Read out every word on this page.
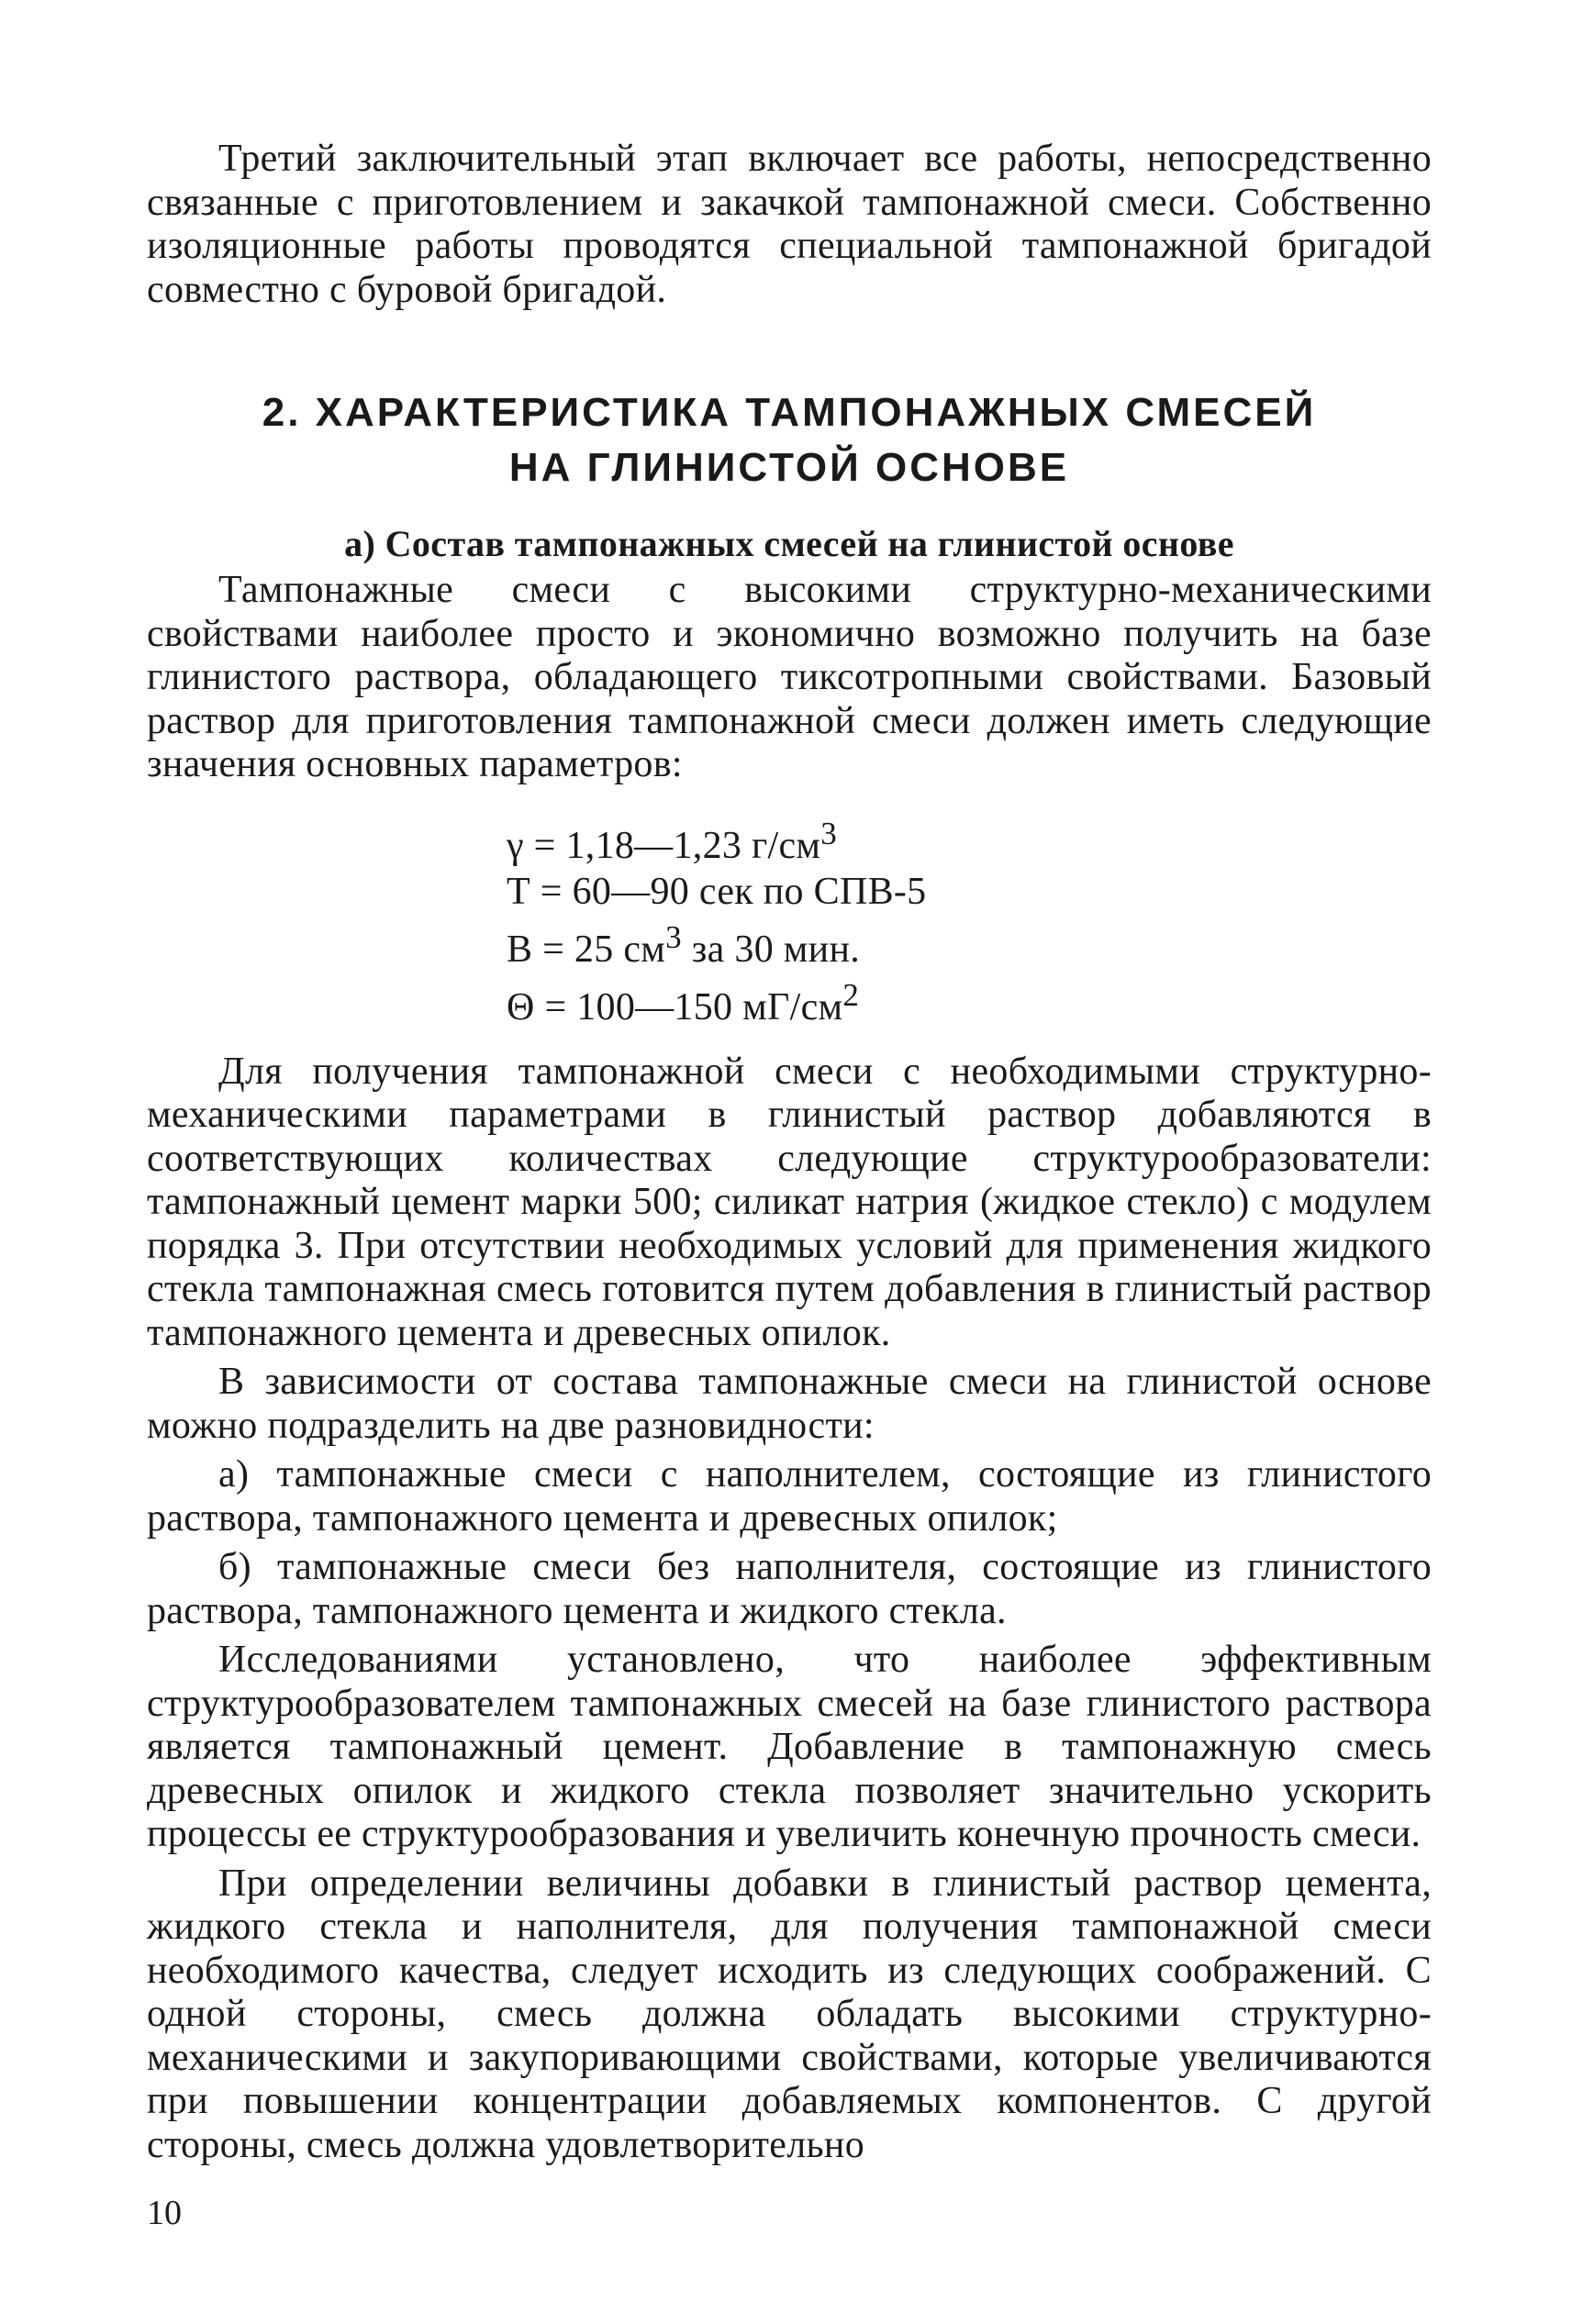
Третий заключительный этап включает все работы, непосредственно связанные с приготовлением и закачкой тампонажной смеси. Собственно изоляционные работы проводятся специальной тампонажной бригадой совместно с буровой бригадой.

2. ХАРАКТЕРИСТИКА ТАМПОНАЖНЫХ СМЕСЕЙ
НА ГЛИНИСТОЙ ОСНОВЕ
а) Состав тампонажных смесей на глинистой основе

Тампонажные смеси с высокими структурно-механическими свойствами наиболее просто и экономично возможно получить на базе глинистого раствора, обладающего тиксотропными свойствами. Базовый раствор для приготовления тампонажной смеси должен иметь следующие значения основных параметров:

γ = 1,18—1,23 $г/см^3$
Т = 60—90 сек по СПВ-5
В = 25 $см^3$ за 30 мин.
Θ = 100—150 $мГ/см^2$

Для получения тампонажной смеси с необходимыми структурно-механическими параметрами в глинистый раствор добавляются в соответствующих количествах следующие структурообразователи: тампонажный цемент марки 500; силикат натрия (жидкое стекло) с модулем порядка 3. При отсутствии необходимых условий для применения жидкого стекла тампонажная смесь готовится путем добавления в глинистый раствор тампонажного цемента и древесных опилок.

В зависимости от состава тампонажные смеси на глинистой основе можно подразделить на две разновидности:

а) тампонажные смеси с наполнителем, состоящие из глинистого раствора, тампонажного цемента и древесных опилок;

б) тампонажные смеси без наполнителя, состоящие из глинистого раствора, тампонажного цемента и жидкого стекла.

Исследованиями установлено, что наиболее эффективным структурообразователем тампонажных смесей на базе глинистого раствора является тампонажный цемент. Добавление в тампонажную смесь древесных опилок и жидкого стекла позволяет значительно ускорить процессы ее структурообразования и увеличить конечную прочность смеси.

При определении величины добавки в глинистый раствор цемента, жидкого стекла и наполнителя, для получения тампонажной смеси необходимого качества, следует исходить из следующих соображений. С одной стороны, смесь должна обладать высокими структурно-механическими и закупоривающими свойствами, которые увеличиваются при повышении концентрации добавляемых компонентов. С другой стороны, смесь должна удовлетворительно

10
